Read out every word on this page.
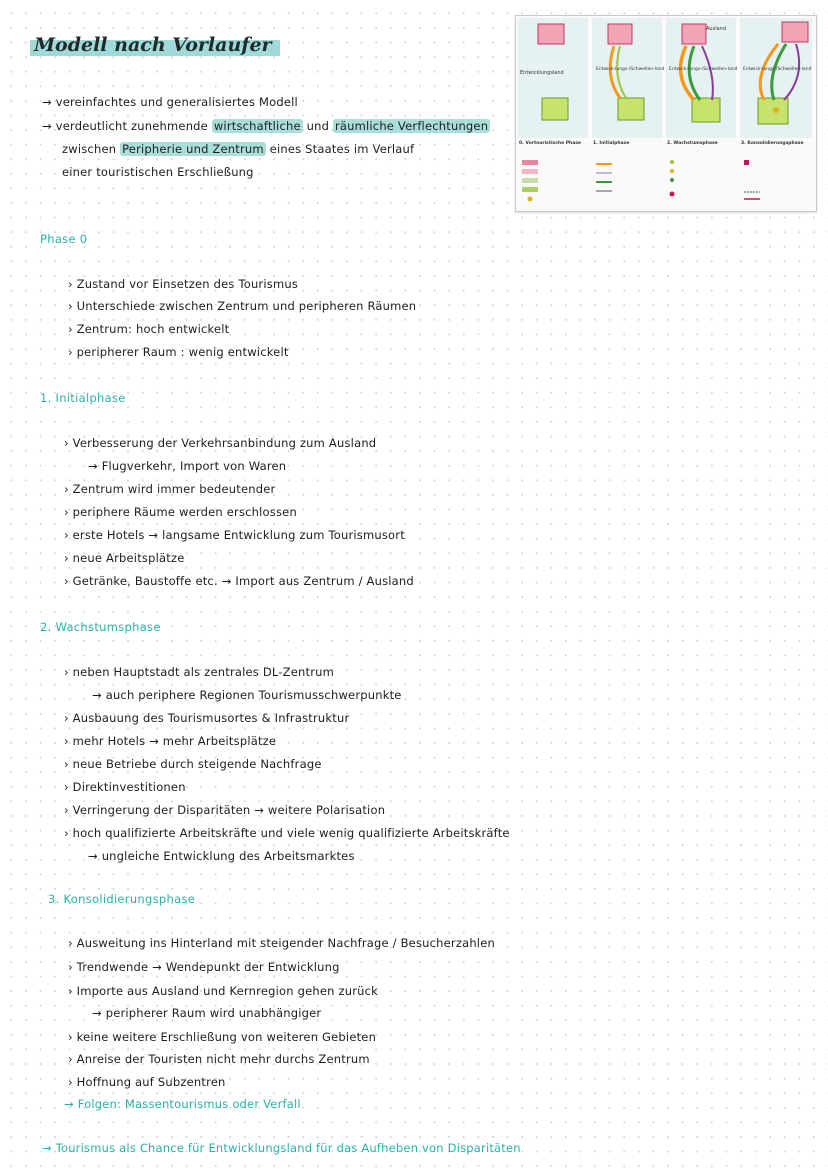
Modell nach Vorlaufer
→ vereinfachtes und generalisiertes Modell
→ verdeutlicht zunehmende wirtschaftliche und räumliche Verflechtungen
zwischen Peripherie und Zentrum eines Staates im Verlauf
einer touristischen Erschließung
Entwicklungsland
Entwick-lungs-/Schwellen-land Entwick-lungs-/Schwellen-land
Ausland
Entwick-lungs-/Schwellen-land
0. Vortouristische Phase	1. Initialphase	2. Wachstumsphase	3. Konsolidierungsphase
Phase 0
› Zustand vor Einsetzen des Tourismus
› Unterschiede zwischen Zentrum und peripheren Räumen
› Zentrum: hoch entwickelt
› peripherer Raum : wenig entwickelt
1. Initialphase
› Verbesserung der Verkehrsanbindung zum Ausland
→ Flugverkehr, Import von Waren
› Zentrum wird immer bedeutender
› periphere Räume werden erschlossen
› erste Hotels → langsame Entwicklung zum Tourismusort
› neue Arbeitsplätze
› Getränke, Baustoffe etc. → Import aus Zentrum / Ausland
2. Wachstumsphase
› neben Hauptstadt als zentrales DL-Zentrum
→ auch periphere Regionen Tourismusschwerpunkte
› Ausbauung des Tourismusortes & Infrastruktur
› mehr Hotels → mehr Arbeitsplätze
› neue Betriebe durch steigende Nachfrage
› Direktinvestitionen
› Verringerung der Disparitäten → weitere Polarisation
› hoch qualifizierte Arbeitskräfte und viele wenig qualifizierte Arbeitskräfte
→ ungleiche Entwicklung des Arbeitsmarktes
3. Konsolidierungsphase
› Ausweitung ins Hinterland mit steigender Nachfrage / Besucherzahlen
› Trendwende → Wendepunkt der Entwicklung
› Importe aus Ausland und Kernregion gehen zurück
→ peripherer Raum wird unabhängiger
› keine weitere Erschließung von weiteren Gebieten
› Anreise der Touristen nicht mehr durchs Zentrum
› Hoffnung auf Subzentren
→ Folgen: Massentourismus oder Verfall
→ Tourismus als Chance für Entwicklungsland für das Aufheben von Disparitäten
